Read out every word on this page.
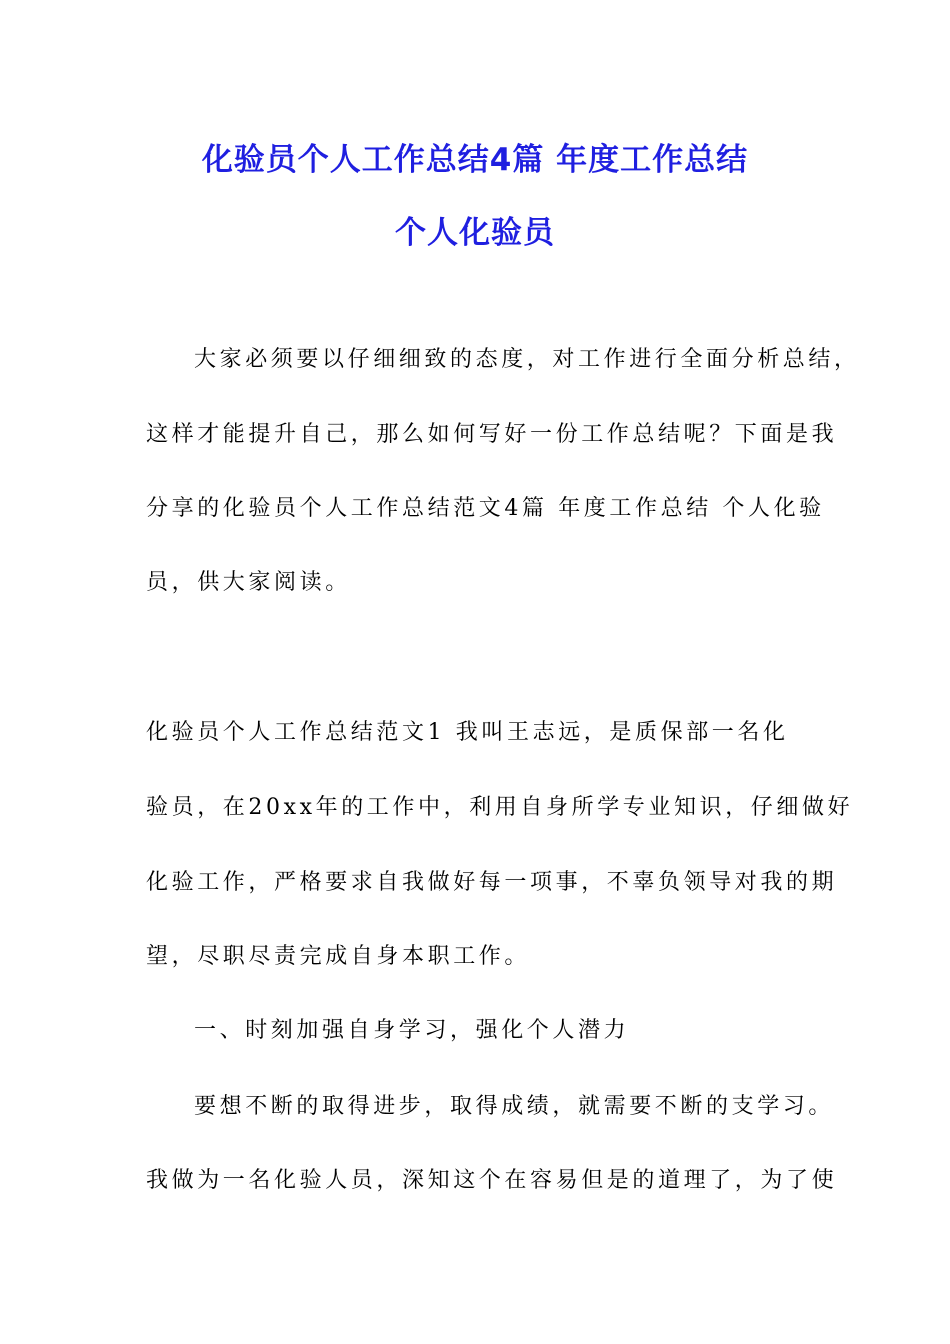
化验员个人工作总结4篇 年度工作总结
个人化验员
大家必须要以仔细细致的态度，对工作进行全面分析总结，
这样才能提升自己，那么如何写好一份工作总结呢？下面是我
分享的化验员个人工作总结范文4篇 年度工作总结 个人化验
员，供大家阅读。
化验员个人工作总结范文1 我叫王志远，是质保部一名化
验员，在20xx年的工作中，利用自身所学专业知识，仔细做好
化验工作，严格要求自我做好每一项事，不辜负领导对我的期
望，尽职尽责完成自身本职工作。
一、时刻加强自身学习，强化个人潜力
要想不断的取得进步，取得成绩，就需要不断的支学习。
我做为一名化验人员，深知这个在容易但是的道理了，为了使
